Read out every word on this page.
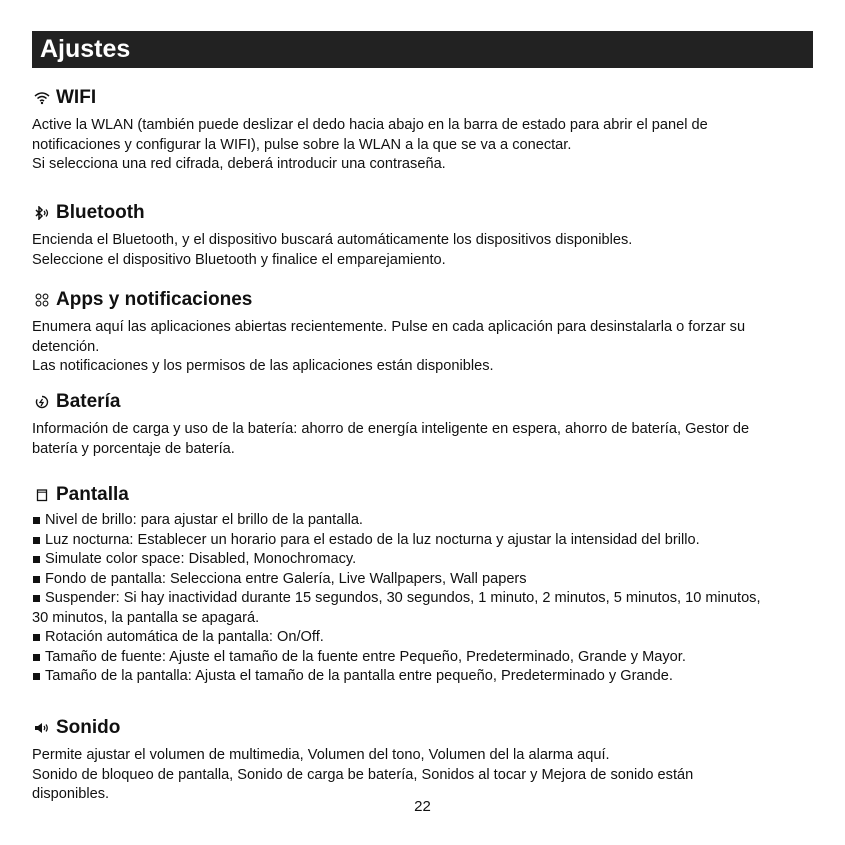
Ajustes
WIFI

Active la WLAN (también puede deslizar el dedo hacia abajo en la barra de estado para abrir el panel de

notificaciones y configurar la WIFI), pulse sobre la WLAN a la que se va a conectar.

Si selecciona una red cifrada, deberá introducir una contraseña.

Bluetooth

Encienda el Bluetooth, y el dispositivo buscará automáticamente los dispositivos disponibles.

Seleccione el dispositivo Bluetooth y finalice el emparejamiento.

Apps y notificaciones

Enumera aquí las aplicaciones abiertas recientemente. Pulse en cada aplicación para desinstalarla o forzar su

detención.

Las notificaciones y los permisos de las aplicaciones están disponibles.

Batería

Información de carga y uso de la batería: ahorro de energía inteligente en espera, ahorro de batería, Gestor de

batería y porcentaje de batería.

Pantalla
Nivel de brillo: para ajustar el brillo de la pantalla.
Luz nocturna: Establecer un horario para el estado de la luz nocturna y ajustar la intensidad del brillo.
Simulate color space: Disabled, Monochromacy.
Fondo de pantalla: Selecciona entre Galería, Live Wallpapers, Wall papers
Suspender: Si hay inactividad durante 15 segundos, 30 segundos, 1 minuto, 2 minutos, 5 minutos, 10 minutos,

30 minutos, la pantalla se apagará.

Rotación automática de la pantalla: On/Off.
Tamaño de fuente: Ajuste el tamaño de la fuente entre Pequeño, Predeterminado, Grande y Mayor.
Tamaño de la pantalla: Ajusta el tamaño de la pantalla entre pequeño, Predeterminado y Grande.
Sonido

Permite ajustar el volumen de multimedia, Volumen del tono, Volumen del la alarma aquí.

Sonido de bloqueo de pantalla, Sonido de carga be batería, Sonidos al tocar y Mejora de sonido están

disponibles.

22
